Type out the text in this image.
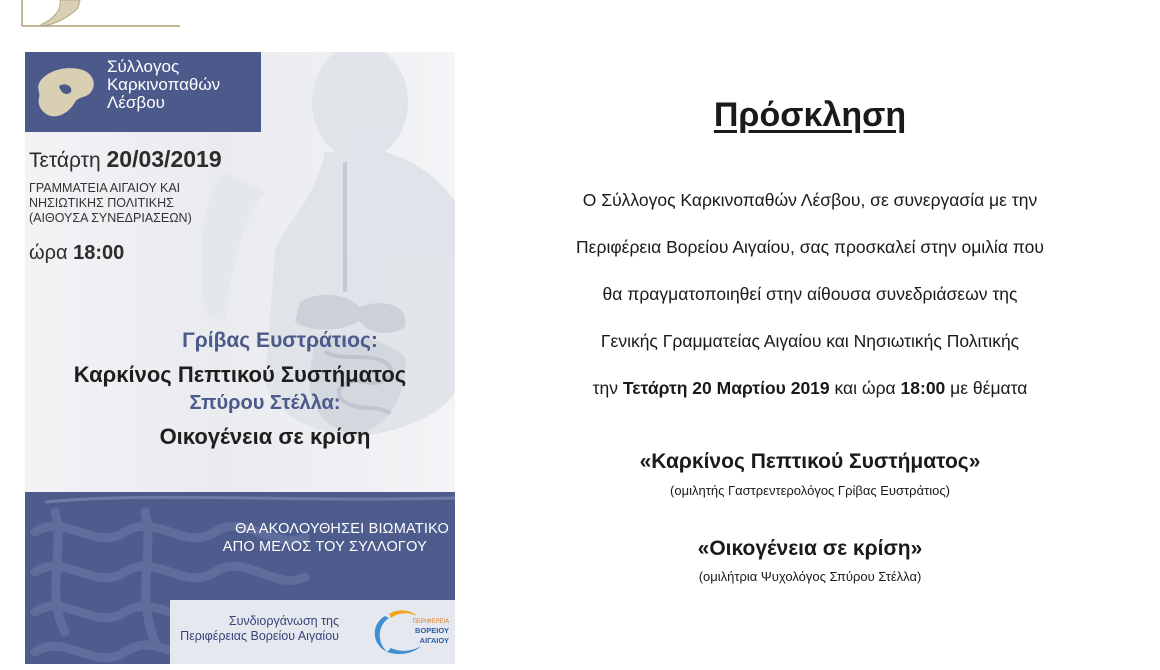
Σύλλογος
Καρκινοπαθών
Λέσβου
Τετάρτη 20/03/2019
ΓΡΑΜΜΑΤΕΙΑ ΑΙΓΑΙΟΥ ΚΑΙ
ΝΗΣΙΩΤΙΚΗΣ ΠΟΛΙΤΙΚΗΣ
(ΑΙΘΟΥΣΑ ΣΥΝΕΔΡΙΑΣΕΩΝ)
ώρα 18:00
Γρίβας Ευστράτιος:
Καρκίνος Πεπτικού Συστήματος
Σπύρου Στέλλα:
Οικογένεια σε κρίση
ΘΑ ΑΚΟΛΟΥΘΗΣΕΙ ΒΙΩΜΑΤΙΚΟ
ΑΠΟ ΜΕΛΟΣ ΤΟΥ ΣΥΛΛΟΓΟΥ
Συνδιοργάνωση της
Περιφέρειας Βορείου Αιγαίου
ΠΕΡΙΦΕΡΕΙΑ
ΒΟΡΕΙΟΥ
ΑΙΓΑΙΟΥ
Πρόσκληση
Ο Σύλλογος Καρκινοπαθών Λέσβου, σε συνεργασία με την
Περιφέρεια Βορείου Αιγαίου, σας προσκαλεί στην ομιλία που
θα πραγματοποιηθεί στην αίθουσα συνεδριάσεων της
Γενικής Γραμματείας Αιγαίου και Νησιωτικής Πολιτικής
την Τετάρτη 20 Μαρτίου 2019 και ώρα 18:00 με θέματα
«Καρκίνος Πεπτικού Συστήματος»
(ομιλητής Γαστρεντερολόγος Γρίβας Ευστράτιος)
«Οικογένεια σε κρίση»
(ομιλήτρια Ψυχολόγος Σπύρου Στέλλα)
